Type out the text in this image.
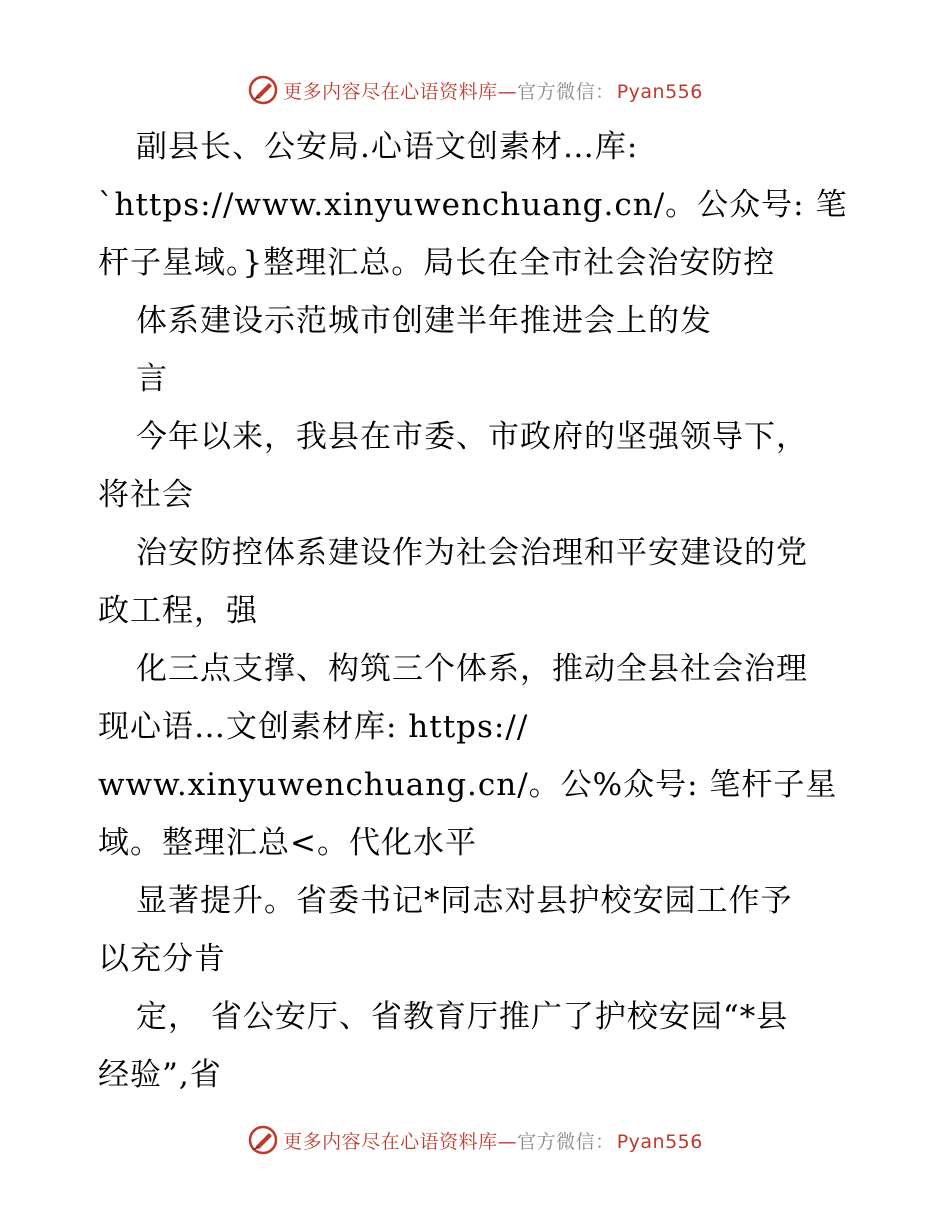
更多内容尽在心语资料库—官方微信： Pyan556
副县长、公安局.心语文创素材…库:
`https://www.xinyuwenchuang.cn/。公众号: 笔
杆子星域。}整理汇总。局长在全市社会治安防控
体系建设示范城市创建半年推进会上的发
言
今年以来，我县在市委、市政府的坚强领导下，
将社会
治安防控体系建设作为社会治理和平安建设的党
政工程，强
化三点支撑、构筑三个体系，推动全县社会治理
现心语…文创素材库: https://
www.xinyuwenchuang.cn/。公%众号: 笔杆子星
域。整理汇总<。代化水平
显著提升。省委书记*同志对县护校安园工作予
以充分肯
定， 省公安厅、省教育厅推广了护校安园“*县
经验”,省
更多内容尽在心语资料库—官方微信： Pyan556
